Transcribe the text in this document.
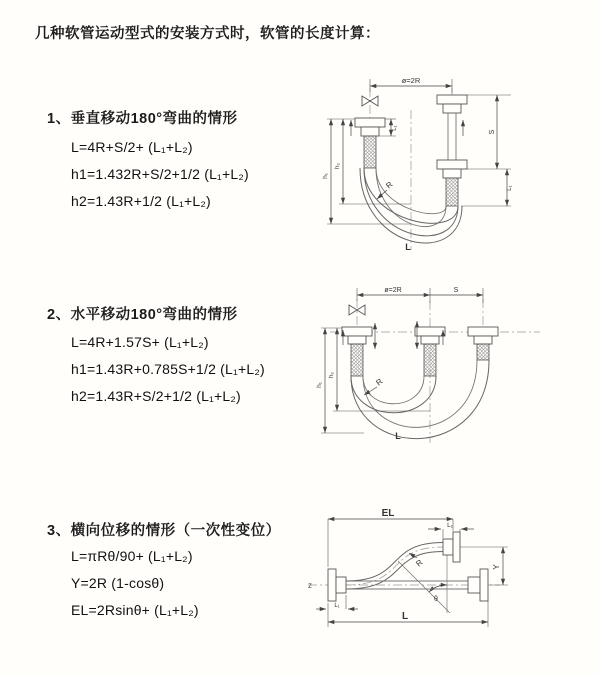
几种软管运动型式的安装方式时，软管的长度计算：
1、垂直移动180°弯曲的情形
L=4R+S/2+ (L₁+L₂)
h1=1.432R+S/2+1/2 (L₁+L₂)
h2=1.43R+1/2 (L₁+L₂)
2、水平移动180°弯曲的情形
L=4R+1.57S+ (L₁+L₂)
h1=1.43R+0.785S+1/2 (L₁+L₂)
h2=1.43R+S/2+1/2 (L₁+L₂)
3、横向位移的情形（一次性变位）
L=πRθ/90+ (L₁+L₂)
Y=2R (1-cosθ)
EL=2Rsinθ+ (L₁+L₂)
ø=2R
h₁
h₂
L₁
S
L₁
R
L
ø=2R	S
h₁
h₂
R
L
Z
θ
EL
L₁
Y
L
L₁
R
